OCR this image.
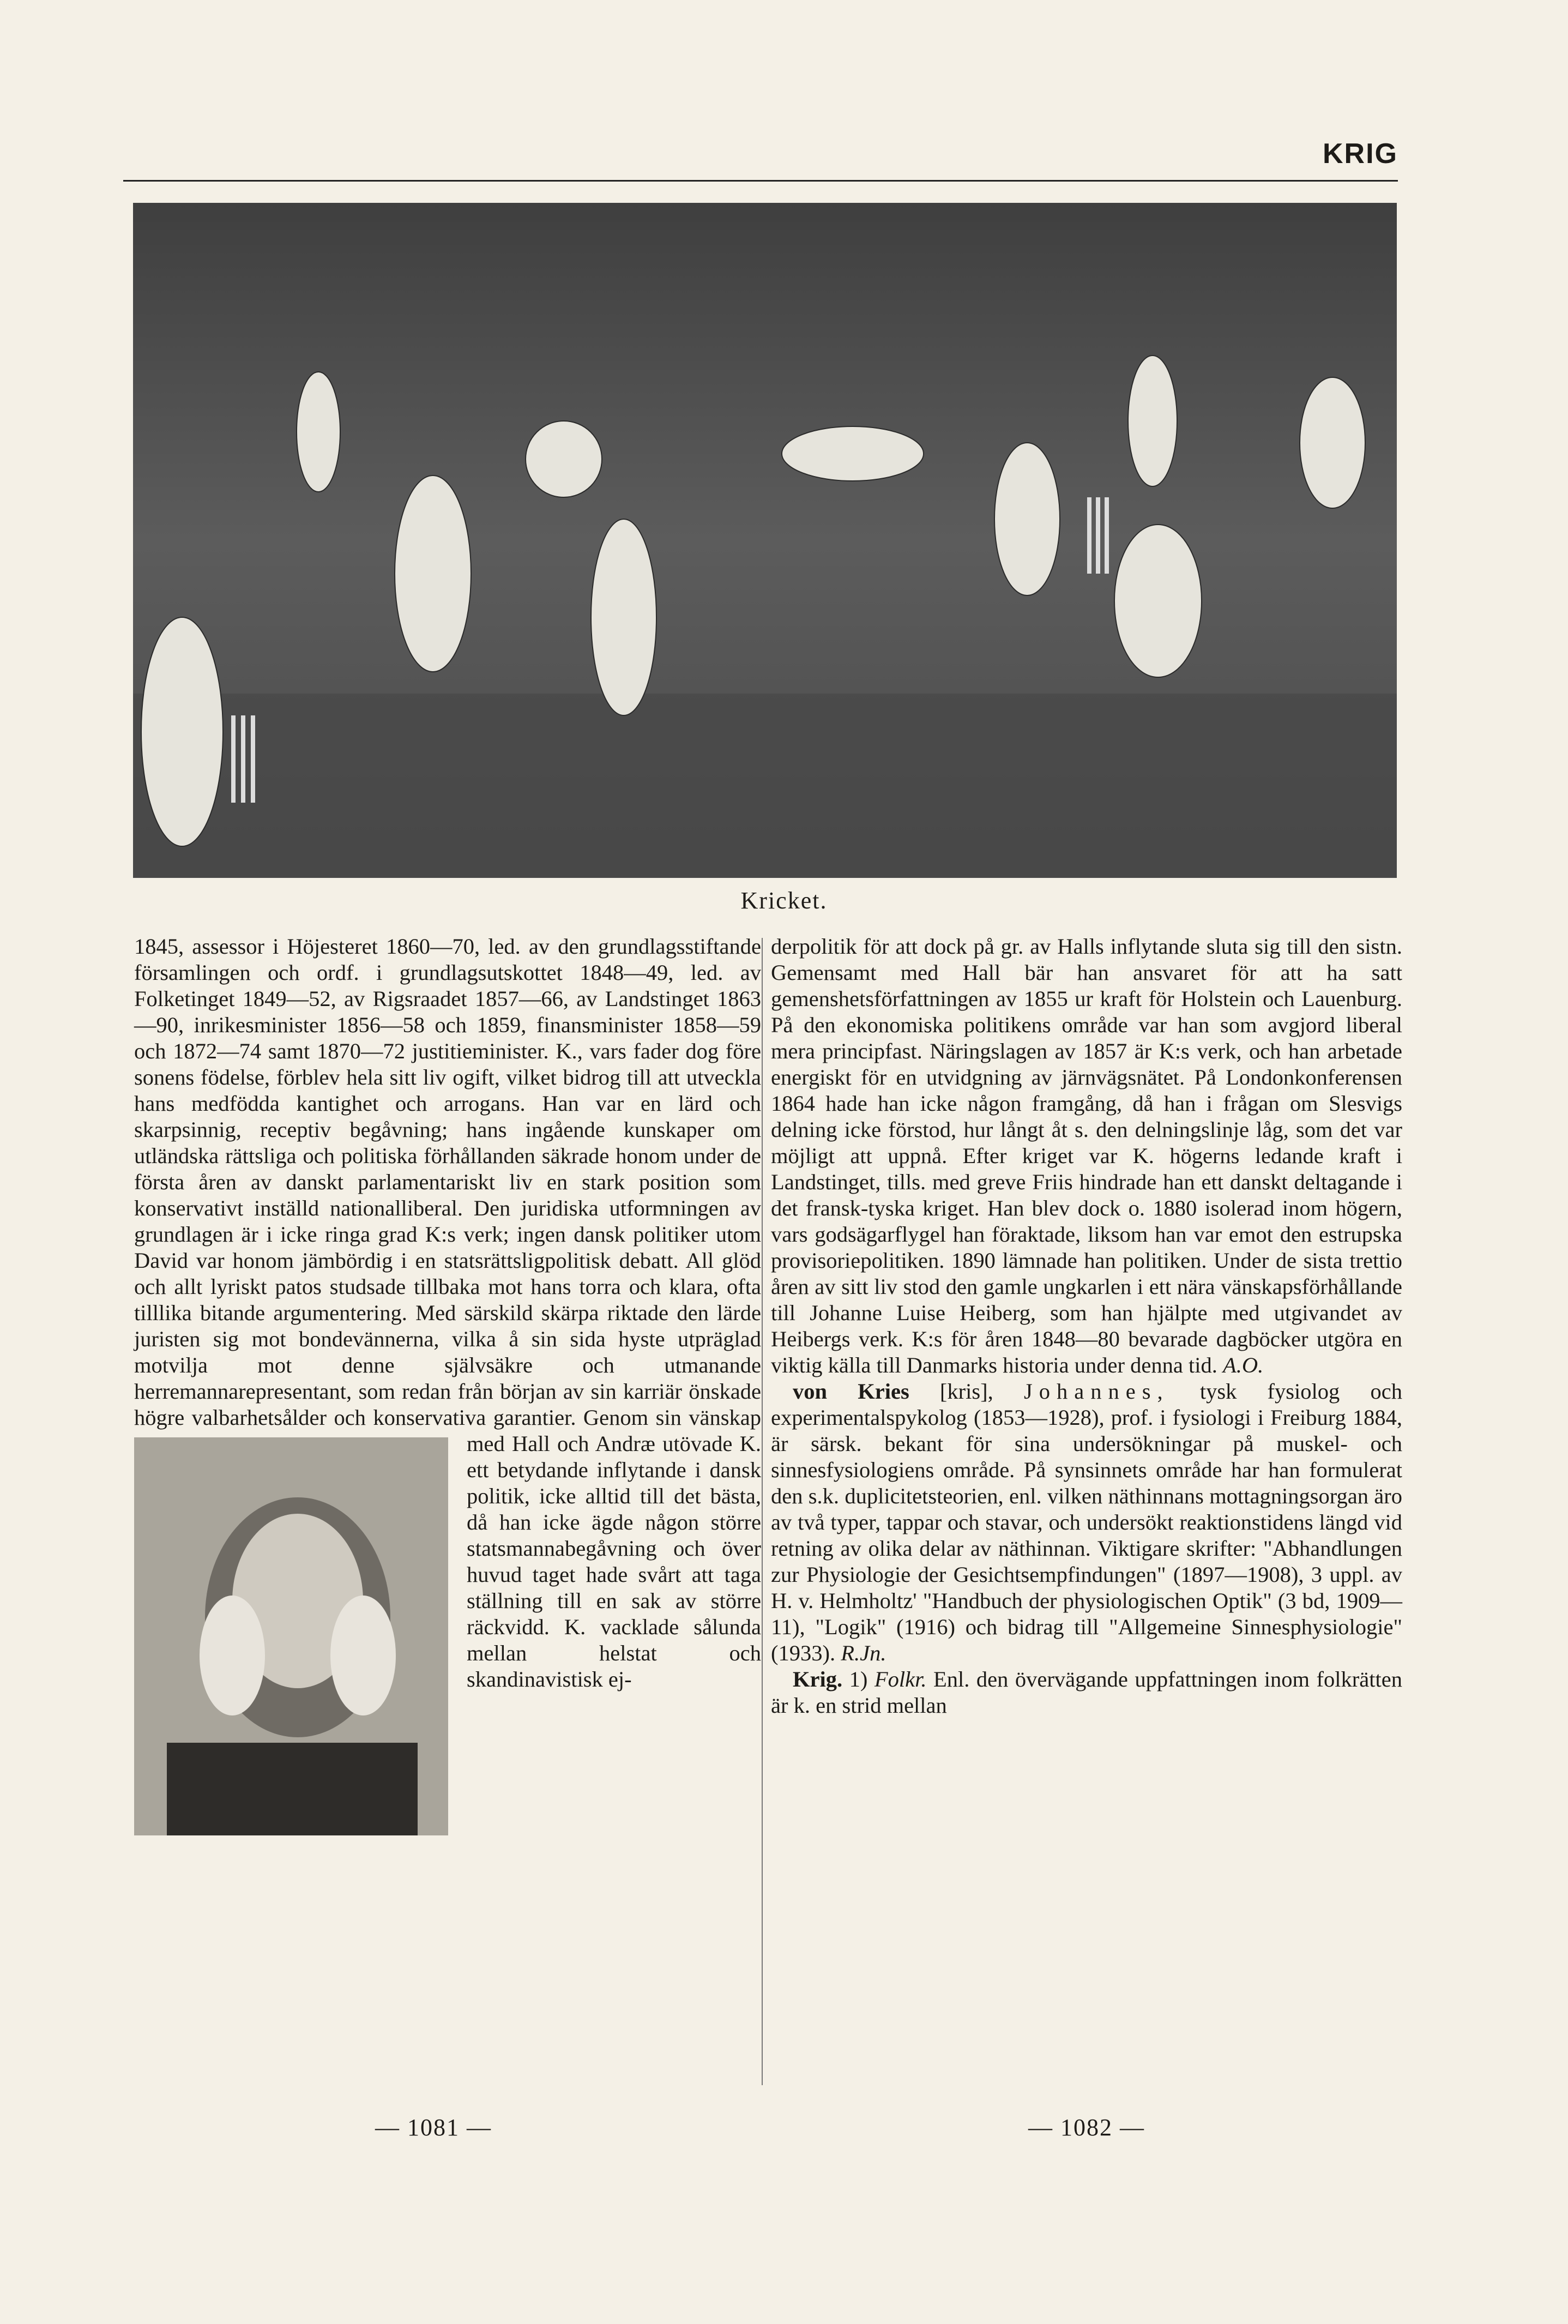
KRIG
Kricket.

1845, assessor i Höjesteret 1860—70, led. av den grundlagsstiftande församlingen och ordf. i grundlagsutskottet 1848—49, led. av Folketinget 1849—52, av Rigsraadet 1857—66, av Landstinget 1863—90, inrikesminister 1856—58 och 1859, finansminister 1858—59 och 1872—74 samt 1870—72 justitieminister. K., vars fader dog före sonens födelse, förblev hela sitt liv ogift, vilket bidrog till att utveckla hans medfödda kantighet och arrogans. Han var en lärd och skarpsinnig, receptiv begåvning; hans ingående kunskaper om utländska rättsliga och politiska förhållanden säkrade honom under de första åren av danskt parlamentariskt liv en stark position som konservativt inställd nationalliberal. Den juridiska utformningen av grundlagen är i icke ringa grad K:s verk; ingen dansk politiker utom David var honom jämbördig i en statsrättsligpolitisk debatt. All glöd och allt lyriskt patos studsade tillbaka mot hans torra och klara, ofta tilllika bitande argumentering. Med särskild skärpa riktade den lärde juristen sig mot bondevännerna, vilka å sin sida hyste utpräglad motvilja mot denne självsäkre och utmanande herremannarepresentant, som redan från början av sin karriär önskade högre valbarhetsålder och konservativa ga
rantier. Genom sin vänskap med Hall och Andræ utövade K. ett betydande inflytande i dansk politik, icke alltid till det bästa, då han icke ägde någon större statsmannabegåvning och över huvud taget hade svårt att taga ställning till en sak av större räckvidd. K. vacklade sålunda mellan helstat och skandinavistisk ej-

derpolitik för att dock på gr. av Halls inflytande sluta sig till den sistn. Gemensamt med Hall bär han ansvaret för att ha satt gemenshetsförfattningen av 1855 ur kraft för Holstein och Lauenburg. På den ekonomiska politikens område var han som avgjord liberal mera principfast. Näringslagen av 1857 är K:s verk, och han arbetade energiskt för en utvidgning av järnvägsnätet. På Londonkonferensen 1864 hade han icke någon framgång, då han i frågan om Slesvigs delning icke förstod, hur långt åt s. den delningslinje låg, som det var möjligt att uppnå. Efter kriget var K. högerns ledande kraft i Landstinget, tills. med greve Friis hindrade han ett danskt deltagande i det fransk-tyska kriget. Han blev dock o. 1880 isolerad inom högern, vars godsägarflygel han föraktade, liksom han var emot den estrupska provisoriepolitiken. 1890 lämnade han politiken. Under de sista trettio åren av sitt liv stod den gamle ungkarlen i ett nära vänskapsförhållande till Johanne Luise Heiberg, som han hjälpte med utgivandet av Heibergs verk. K:s för åren 1848—80 bevarade dagböcker utgöra en viktig källa till Danmarks historia under denna tid. A.O.

von Kries [kris], Johannes, tysk fysiolog och experimentalspykolog (1853—1928), prof. i fysiologi i Freiburg 1884, är särsk. bekant för sina undersökningar på muskel- och sinnesfysiologiens område. På synsinnets område har han formulerat den s.k. duplicitetsteorien, enl. vilken näthinnans mottagningsorgan äro av två typer, tappar och stavar, och undersökt reaktionstidens längd vid retning av olika delar av näthinnan. Viktigare skrifter: "Abhandlungen zur Physiologie der Gesichtsempfindungen" (1897—1908), 3 uppl. av H. v. Helmholtz' "Handbuch der physiologischen Optik" (3 bd, 1909—11), "Logik" (1916) och bidrag till "Allgemeine Sinnesphysiologie" (1933). R.Jn.

Krig. 1) Folkr. Enl. den övervägande uppfattningen inom folkrätten är k. en strid mellan

— 1081 —	— 1082 —
